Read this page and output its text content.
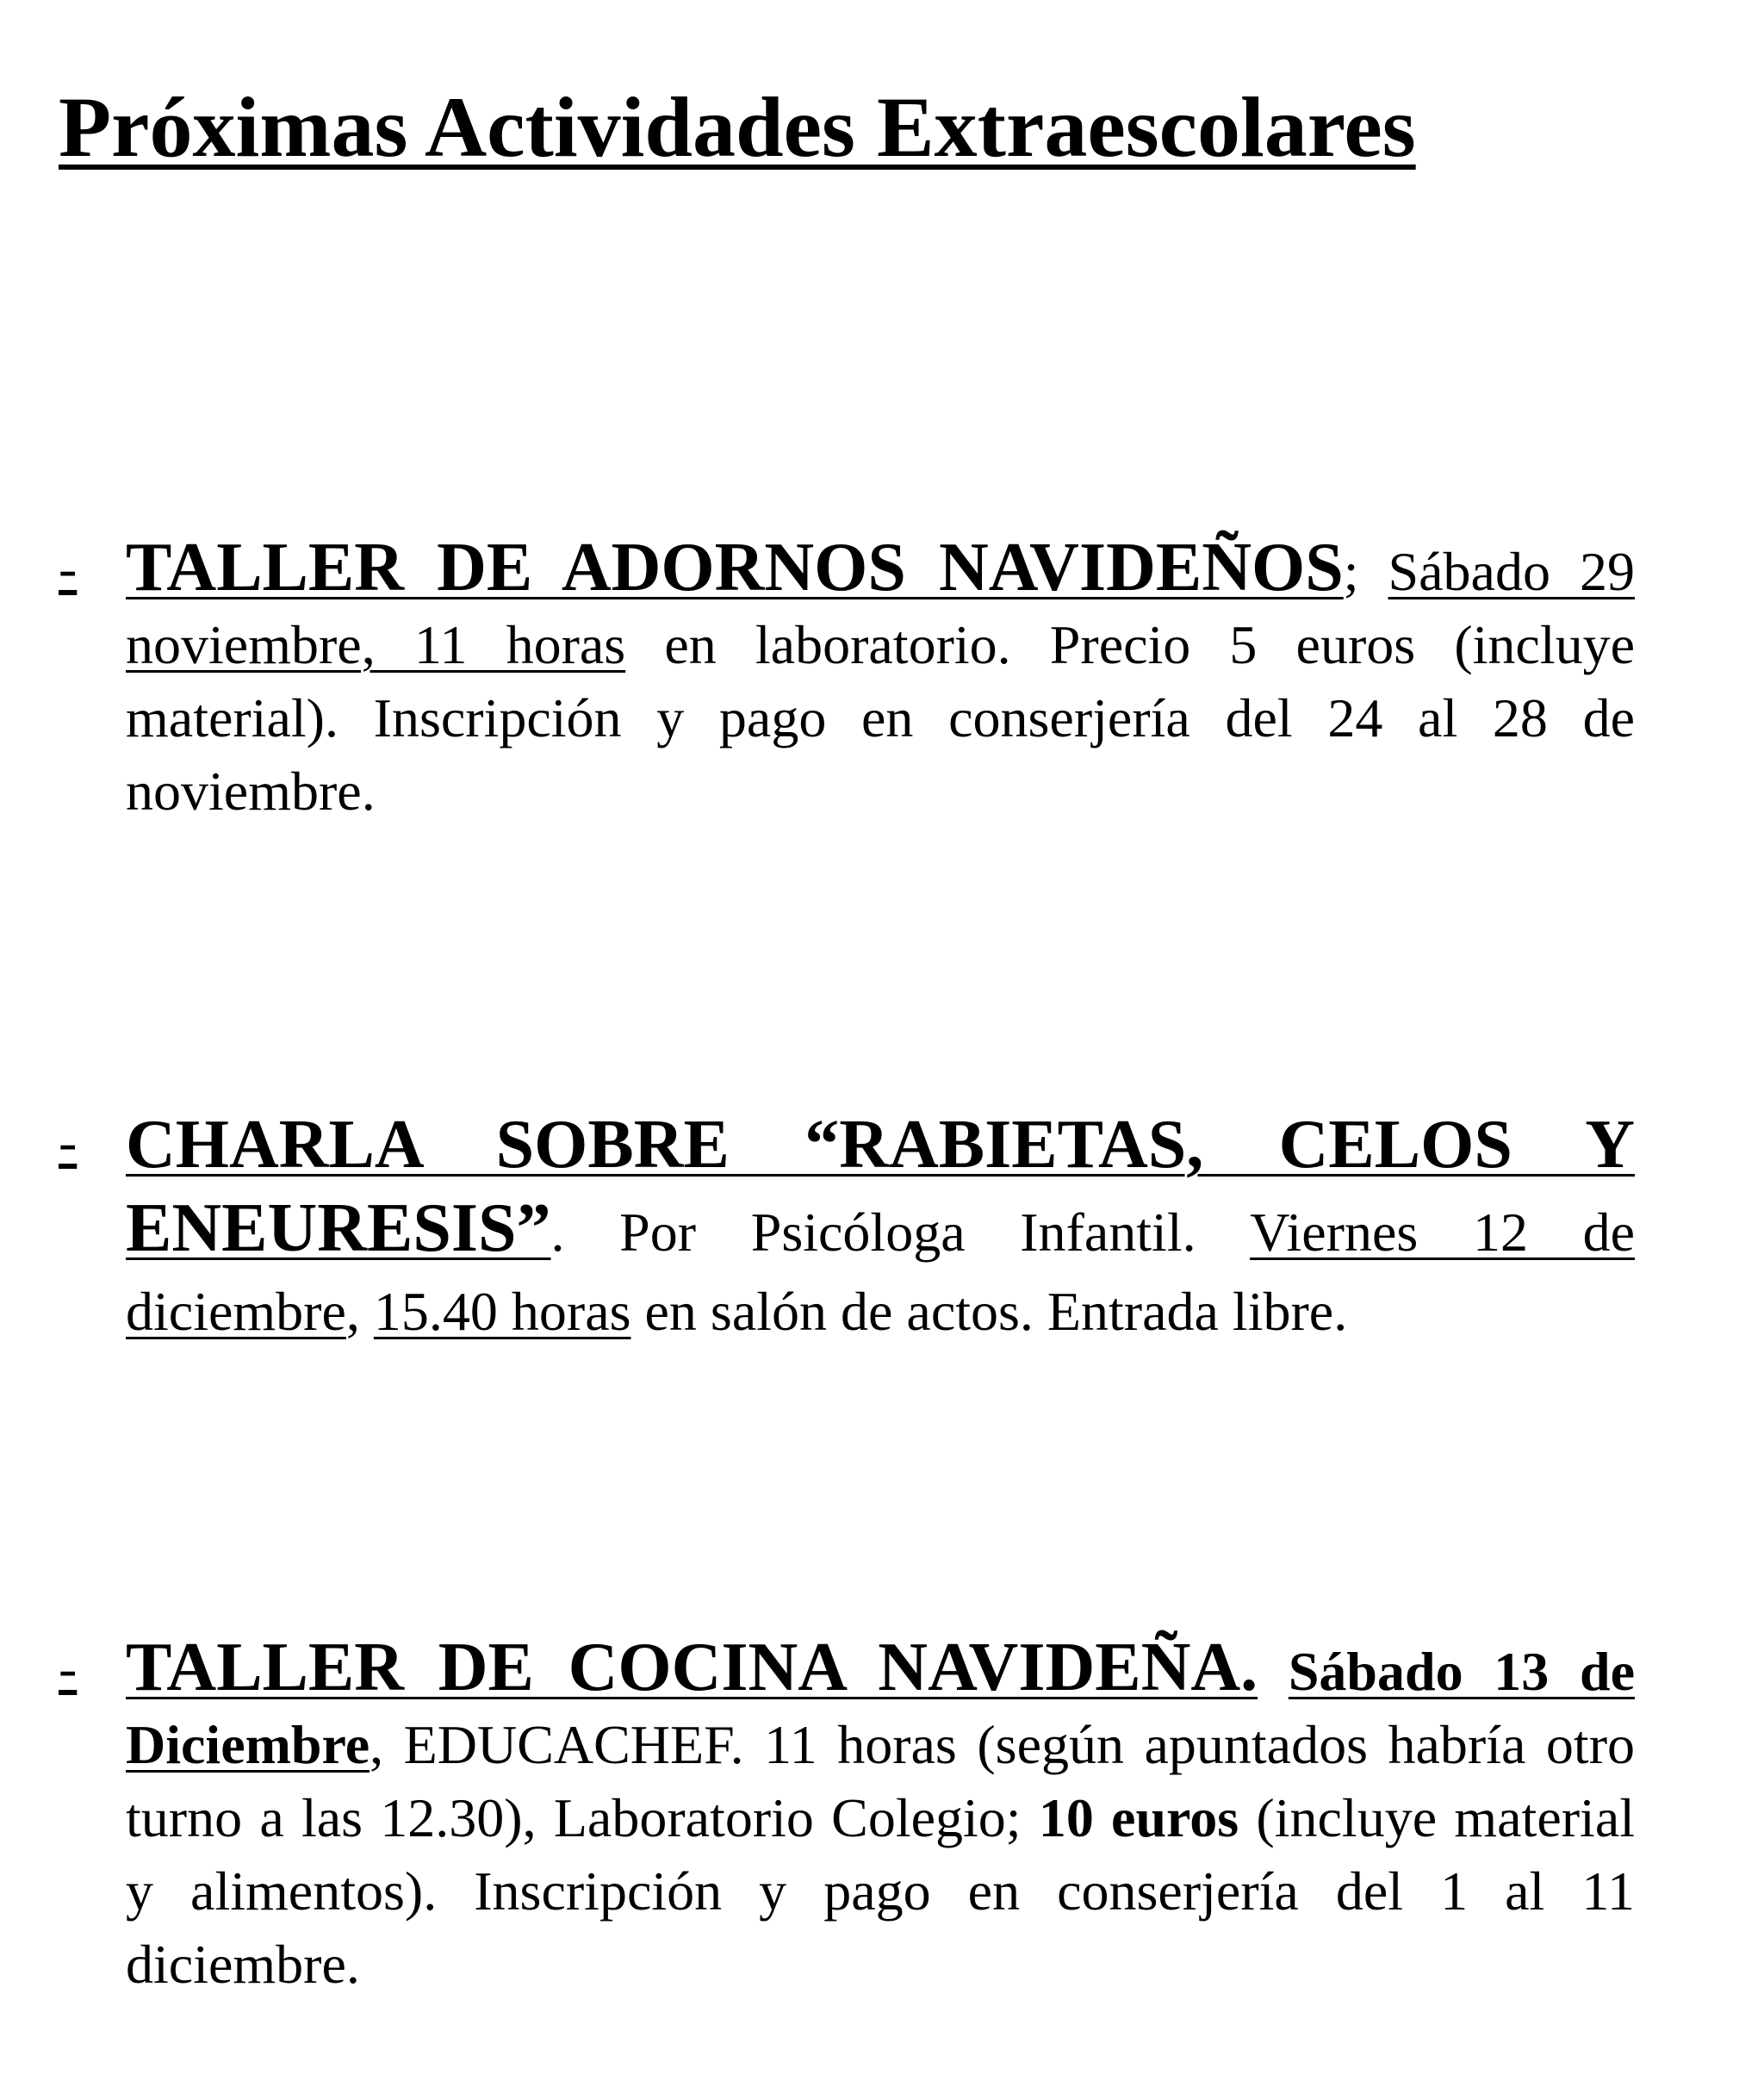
Próximas Actividades Extraescolares
- TALLER DE ADORNOS NAVIDEÑOS; Sábado 29 noviembre, 11 horas en laboratorio. Precio 5 euros (incluye material). Inscripción y pago en conserjería del 24 al 28 de noviembre.

- CHARLA SOBRE “RABIETAS, CELOS Y ENEURESIS”. Por Psicóloga Infantil. Viernes 12 de diciembre, 15.40 horas en salón de actos. Entrada libre.

- TALLER DE COCINA NAVIDEÑA. Sábado 13 de Diciembre, EDUCACHEF. 11 horas (según apuntados habría otro turno a las 12.30), Laboratorio Colegio; 10 euros (incluye material y alimentos). Inscripción y pago en conserjería del 1 al 11 diciembre.
